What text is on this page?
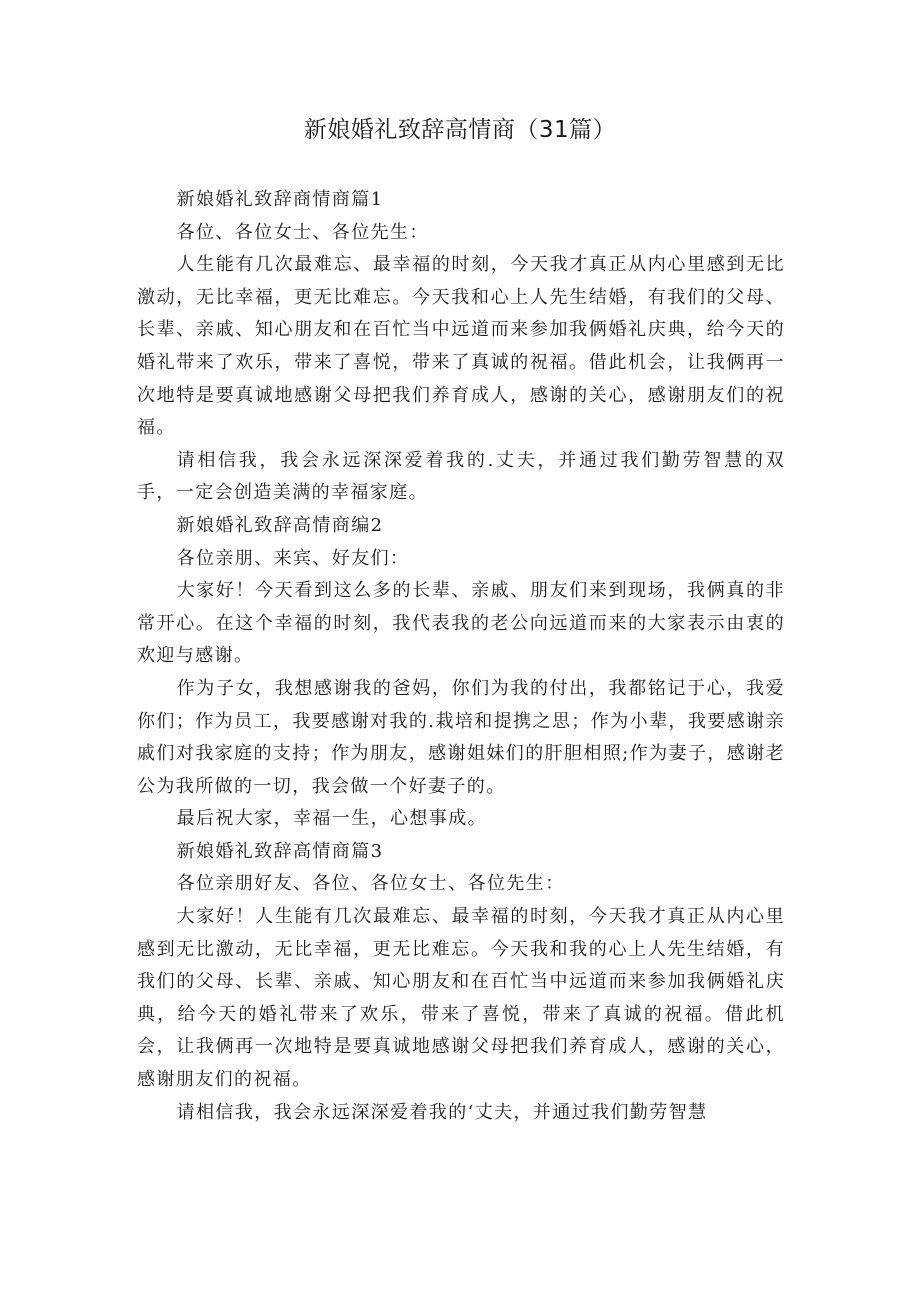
新娘婚礼致辞高情商（31篇）

新娘婚礼致辞商情商篇1

各位、各位女士、各位先生：

人生能有几次最难忘、最幸福的时刻，今天我才真正从内心里感到无比激动，无比幸福，更无比难忘。今天我和心上人先生结婚，有我们的父母、长辈、亲戚、知心朋友和在百忙当中远道而来参加我俩婚礼庆典，给今天的婚礼带来了欢乐，带来了喜悦，带来了真诚的祝福。借此机会，让我俩再一次地特是要真诚地感谢父母把我们养育成人，感谢的关心，感谢朋友们的祝福。

请相信我，我会永远深深爱着我的.丈夫，并通过我们勤劳智慧的双手，一定会创造美满的幸福家庭。

新娘婚礼致辞高情商编2

各位亲朋、来宾、好友们：

大家好！今天看到这么多的长辈、亲戚、朋友们来到现场，我俩真的非常开心。在这个幸福的时刻，我代表我的老公向远道而来的大家表示由衷的欢迎与感谢。

作为子女，我想感谢我的爸妈，你们为我的付出，我都铭记于心，我爱你们；作为员工，我要感谢对我的.栽培和提携之思；作为小辈，我要感谢亲戚们对我家庭的支持；作为朋友，感谢姐妹们的肝胆相照;作为妻子，感谢老公为我所做的一切，我会做一个好妻子的。

最后祝大家，幸福一生，心想事成。

新娘婚礼致辞高情商篇3

各位亲朋好友、各位、各位女士、各位先生：

大家好！人生能有几次最难忘、最幸福的时刻，今天我才真正从内心里感到无比激动，无比幸福，更无比难忘。今天我和我的心上人先生结婚，有我们的父母、长辈、亲戚、知心朋友和在百忙当中远道而来参加我俩婚礼庆典，给今天的婚礼带来了欢乐，带来了喜悦，带来了真诚的祝福。借此机会，让我俩再一次地特是要真诚地感谢父母把我们养育成人，感谢的关心，感谢朋友们的祝福。

请相信我，我会永远深深爱着我的‘丈夫，并通过我们勤劳智慧
